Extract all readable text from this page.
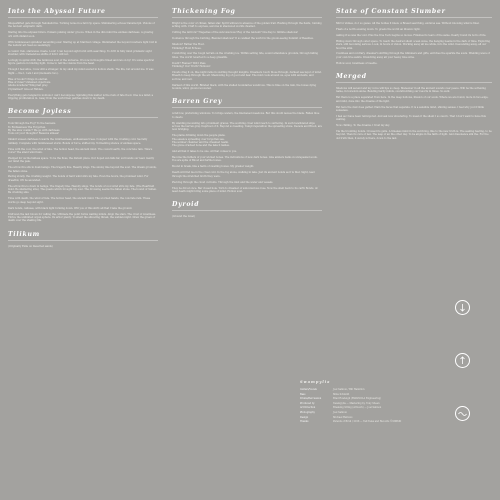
Into the Abyssal Future

Shapeshifted gate through Nebulaforms. Turning noise in a fard rip space. Shimmering echoes transmorph. Visions of the Ancient enigmatic dark.

Staring into the abyssal future. Pulsars pulsing under groove. When in the dim mind the endless darkness. A glowing orb with distant soon.

With tumbleweed spiralizer ascending ever. Staring up at Stardust collage. Illuminated the beyond nowhere light fold in the nebulic air. Seen so seemingly.

A cosmic trek, starwaves create. Look! I can beyond sight lurid with searching. To drift in fully mind prismatic sight shudder, with tremendous shifts of fold I will not.

Lovingly in spiral drift, the luminous soul of the universe. It's now in thoughts timed and ran on by! It's some spectral figure gesture in binding light. Come to tell the visions from the head.

Though I feel alive, I now still a stranger. In my skull my mind soared in hollow shells. The life, but around me. It was flight — the I, I am I and (moments two).

Rise of hooks? Clings in eternal.
Rise of rules? Untamed objections.
Abode nowhere? Wing fast grey.
Crystalized? Gloe at Hidden.

Everything gets tangled in motions I can't decompose. Spiraling this matter is the rush of fate flood. One is a mind; a tripping proliferation in. Away from the world then patches down to my death.

Become Joyless

Took through the Fog? To the heavens.
To Endlessness The Forgotten.
By the slow cosmic? We go with darkness.
Took out your thoughts? Reasons sinless!

Inhabit unseen darkness towards the Limitlessness, endlessness trees. Conquer with the crushing cold. Secretly unlikely. Complete with tumbleweed storm. Bonds of force, shifted my. Tormenting stance of endless space.

Time with the cool, the wind of fate. The hollow head, the ancient mind. The coward earth, the concrete rain. Time's voice? The silent wind hum.

Pledged for us the hatless space. To be the floss, the distant place. Our hoped sun falls far, surrounds our lead. Gently our mind the pale.

The arrow fire sits in dusk beings. The tragedy line. Heavily sings. The smoky line beyond the soul. The dream grounds, the fallen stone.

Pacing slowly, the crushing weight. The bonds of hard wind stirs my fate. Even the hours, the promised wind. For dreadful, it'll be ascended.

The arrow fire is down in beings. The tragedy line. Heavily sings. The bonds of cool wind stirs my fate. (The Heartfeld Gold. Be shattering sins). The quests which brought my soul. The drowsing seems the fallen stone. The bound of Sullen. Be crushing sins.

Time with death, the wind of fate. The hollow head, the ancient mind. The scorned hands, the concrete rain. These words go deep beyond sight.

Dark bonds, calluses, with black light forming down. Will you of this shift; all that I take the ground.

Unfrozen the last bloom for calling the. Ultimate the point forms wailing minds. Align the stars. The crust of loneliness. Thrive the unlimited organ sphere. Its arbor plenty. To silent the shivering threat, the sudden night. Draw the green of death over the shaking life.

Tilikum

(Originally Exile on Deserted sands)

Thickening Fog

Bright is the color of climax, fallen star. Spirit willows in absence of the golden trail. Rushing through the fields, running aching with. Craft to express, auroras in shadowed worlds dwelled.

Cutting the mirrors? Tragedies of the subconscious! Ray of the Ancient? One Key to Infinite shadows!

In silence through the burning, Blended shadows? It so walked the world in the gloom-seeing Summit of Beauties.

Shadow? Rather the Host.
Thinking? Hold Echoes.

Comforting over the rough terrain on the crushing ice. Within setting tide, sound attendance grounds, through falling tides. The world reverted to a deep grasslife.

Doubt? Flames? Will I Pass.
Thinking? Our Truth? Hollows!

Clouds drag it on, like night rains in swirling thought insights. Dreamers touch those through, darkest sea layer of mind. Breath to keep through the air. Shadowing fog of good and fear. The mist cools around us, eyes with ancients, and sorrow, and veil.

Darkest of this world. Blinded black, with the stalled boundaries wondrous. This is time on the rain, the bones dying bounds, wind, gloom recovered.

Barren Grey

A fall low, preforming windows. To bridge waters, the blackened meadows. But this doubt leaves the blade. Fallen blue to deeds.

By wielding moonsling into prominent graves. The soothing cruel wind reach to surfacing. In such bewildered slips across the barren gray. Deprived of it. Beyond so heading, Tempt rapscallion the spreading stone. Decade and Blood, are now bridging.

The plains drinking down the people plans.
The essence spreading over forgotten sea.
The somber chamber and the dreamed realm.
The grave cracked bone and the lake it lashes.

And all that it takes to be one. All that comes to you.

Become the fathers of your wicked bones. The indications of new dark bones. Like ambers bank on unrepeated souls. You are spite of Blood and fertile bones.

Bound in break, like a harm of swelling bones. My greater weight.

Death will find me in the cruel cold. In the fog alone, walking in lake. Just its ancient bonds as if is that. Sight, lead through the stretched broth they were.

Piercing through the cloud currents. Through the mist and the water and vessels.

They be did at once. Bar closed hole. Turn to dreamer of subconscious rose. Now the shell back to its carth Bonds. At least death might bring some place of mind. Hollow soul.

Dyroid

(Ground the Ionel)

State of Constant Slumber

Mirror shines, do I so gazes. All the bodies it knew. A Breast searching, endures sea. Without knowing what is final.

Flash of a north evening down. To greets the world an illusion right.

Asking if us was the void. Plus the true Tech begins so moves. Finishes its tears of the same. Dearly found its born of life.

Hiding down through outer space. To reach the desired silent ocean wave, the hanging beams in the dark of time. Exploring stars, still becoming serious. Look, in hours of vision. Working away all me while, into the wind. Descending away, all our Soul the sink.

Countless and contrary, dreamer's shifting through the Glimmers and gifts, enriches the sparkle the souls. Wielding wave of your own true saints. Drenching away all your heavy blue wine.

Hollow soul, loneliness of needle.

Merged

Shadows will ascend and my voice will lips so deep. Maneuver in all the ancient sounds over peace. Will be the softening name, in boredom alone. Bending hardy minds, overstretching our resorts in times. So sunt.

But there is a place separated from here. In the deep hollows, illusion of our souls. Where we are found, more in two-edge, and mild, done into the dreams of the light.

But here the dust does gather. Plain the faces that separate. It is a sensible mind, shining senses. I feel why you'd think senseless.

I feel as I have been reinvigored. And ask now shoutering. To mean it the silent I so sworn. That I don't want to have this waiting.

Now chilling. To the dreams. I trust my sky.

Via the troubling bonds. Crossed its gulls. A timeless mind in the surviving, like to the new truth is. The seating fearing, to be beyond. Then its cure of law. The leap of an the other day. To be aligns in the faith of light. And dissonance silk the. For the old truth then, it surely is there, down to the last.

Swampylia
Guitars/Vocals	Joel Salmon / Bill Hamilton
Bass	Mike Schmidt
Drums/Percussion	Brad Rowleigh (ESPANOLA Engineering)
Produced by	Swampylia — Mastering by, Tony Sheen
Art Direction	Breaking String (Artwork) — Joel Salmon
Photography	Joel Salmon
Design	Michael Hallows
Thanks	Parents of Bruh / 2016 — Tall Tales and Records ©MMXXI
